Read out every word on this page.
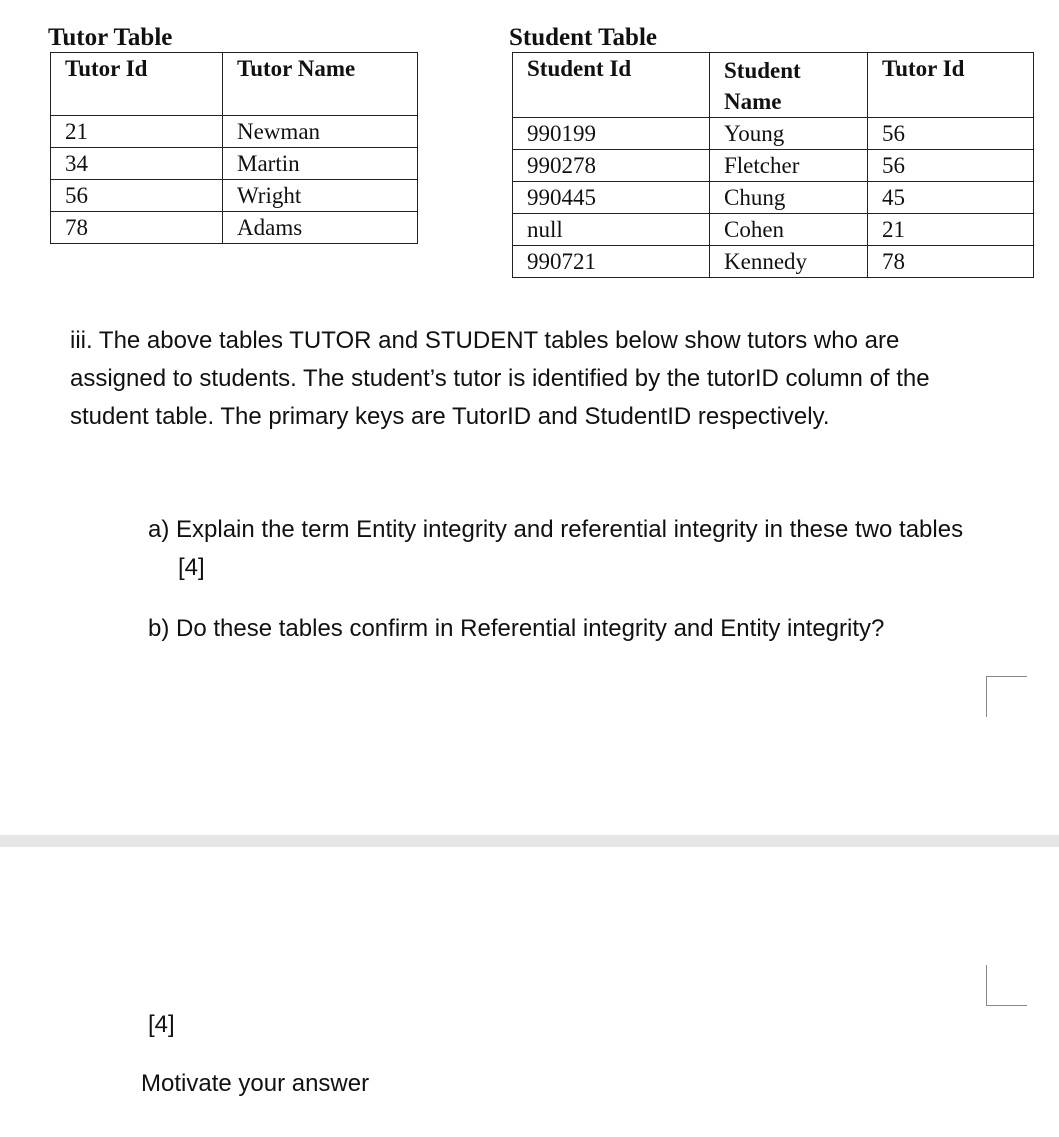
Tutor Table
Tutor Id	Tutor Name
21	Newman
34	Martin
56	Wright
78	Adams
Student Table
Student Id	Student Name	Tutor Id
990199	Young	56
990278	Fletcher	56
990445	Chung	45
null	Cohen	21
990721	Kennedy	78
iii. The above tables TUTOR and STUDENT tables below show tutors who are assigned to students. The student’s tutor is identified by the tutorID column of the student table. The primary keys are TutorID and StudentID respectively.
a) Explain the term Entity integrity and referential integrity in these two tables [4]
b) Do these tables confirm in Referential integrity and Entity integrity?
[4]
Motivate your answer
